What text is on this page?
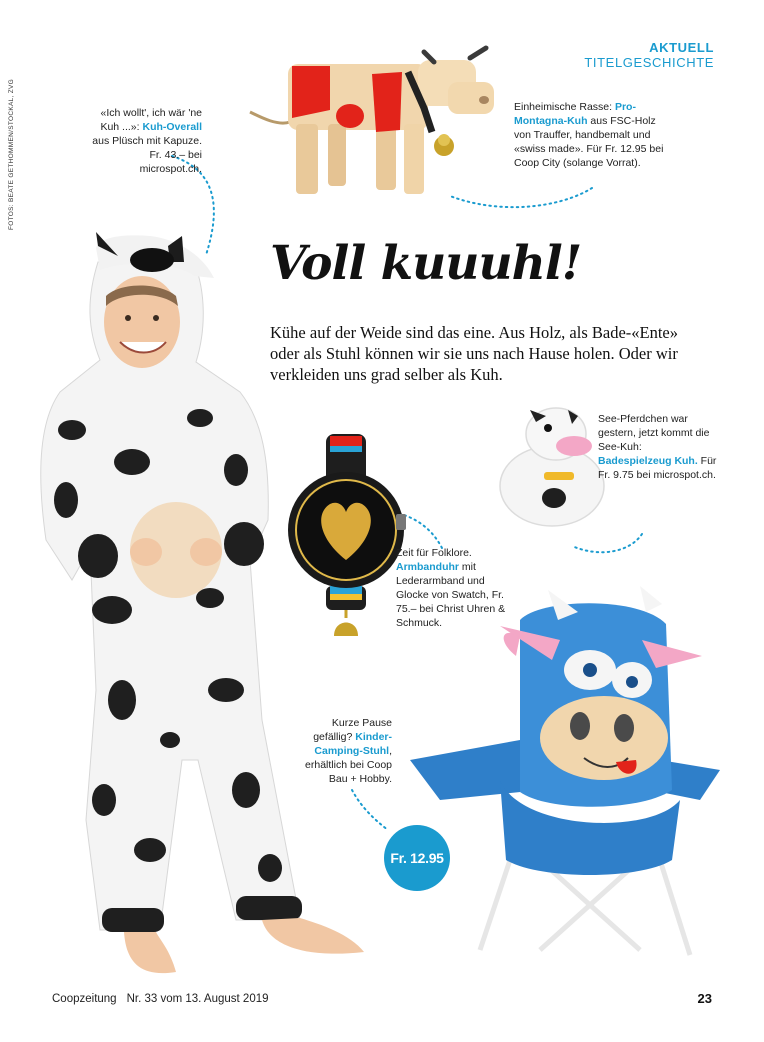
FOTOS: BEATE GETHOMMEN/STOCKAL, ZVG
AKTUELL
TITELGESCHICHTE
Voll kuuuhl!
Kühe auf der Weide sind das eine. Aus Holz, als Bade-«Ente» oder als Stuhl können wir sie uns nach Hause holen. Oder wir verkleiden uns grad selber als Kuh.
«Ich wollt', ich wär 'ne Kuh ...»: Kuh-Overall aus Plüsch mit Kapuze. Fr. 43.– bei microspot.ch.
Einheimische Rasse: Pro-Montagna-Kuh aus FSC-Holz von Trauffer, handbemalt und «swiss made». Für Fr. 12.95 bei Coop City (solange Vorrat).
See-Pferdchen war gestern, jetzt kommt die See-Kuh: Badespielzeug Kuh. Für Fr. 9.75 bei microspot.ch.
Zeit für Folklore. Armbanduhr mit Lederarmband und Glocke von Swatch, Fr. 75.– bei Christ Uhren & Schmuck.
Kurze Pause gefällig? Kinder-Camping-Stuhl, erhältlich bei Coop Bau + Hobby.
Fr. 12.95
Coopzeitung Nr. 33 vom 13. August 2019	23
